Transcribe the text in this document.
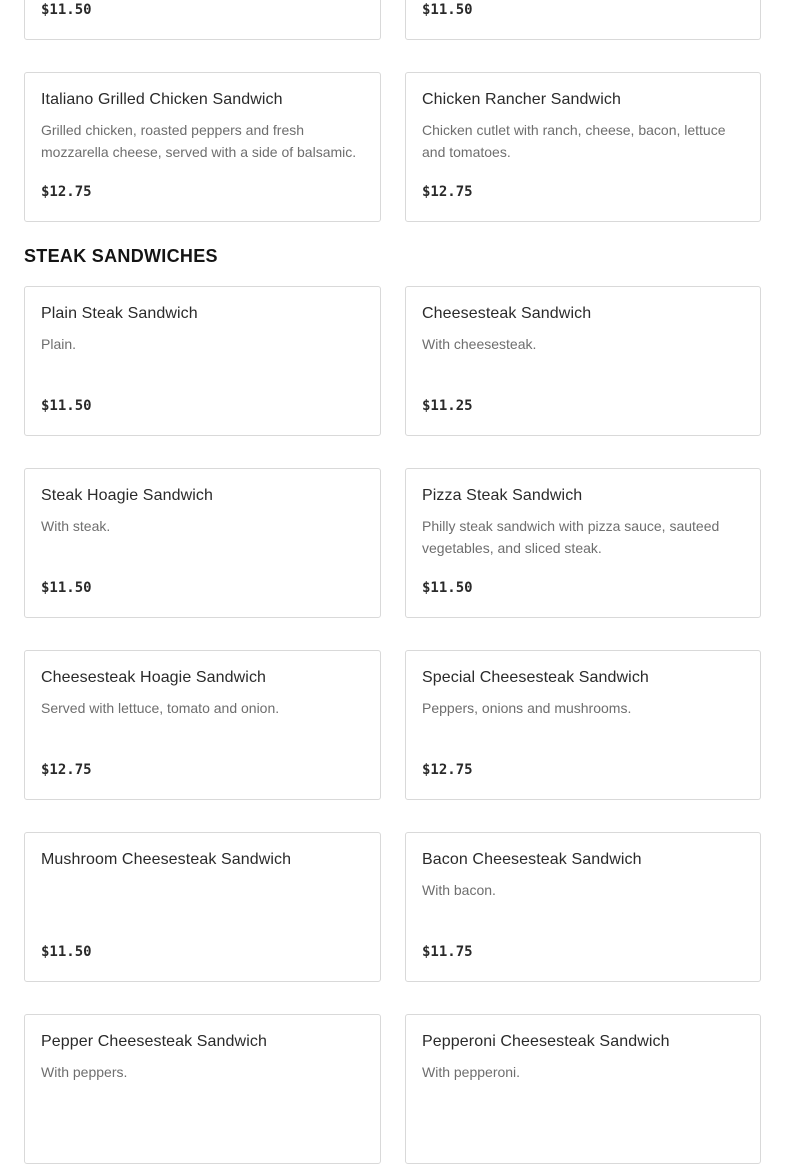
$11.50	$11.50
Italiano Grilled Chicken Sandwich
Grilled chicken, roasted peppers and fresh mozzarella cheese, served with a side of balsamic.
$12.75
Chicken Rancher Sandwich
Chicken cutlet with ranch, cheese, bacon, lettuce and tomatoes.
$12.75
STEAK SANDWICHES
Plain Steak Sandwich
Plain.
$11.50
Cheesesteak Sandwich
With cheesesteak.
$11.25
Steak Hoagie Sandwich
With steak.
$11.50
Pizza Steak Sandwich
Philly steak sandwich with pizza sauce, sauteed vegetables, and sliced steak.
$11.50
Cheesesteak Hoagie Sandwich
Served with lettuce, tomato and onion.
$12.75
Special Cheesesteak Sandwich
Peppers, onions and mushrooms.
$12.75
Mushroom Cheesesteak Sandwich
$11.50
Bacon Cheesesteak Sandwich
With bacon.
$11.75
Pepper Cheesesteak Sandwich
With peppers.
Pepperoni Cheesesteak Sandwich
With pepperoni.
